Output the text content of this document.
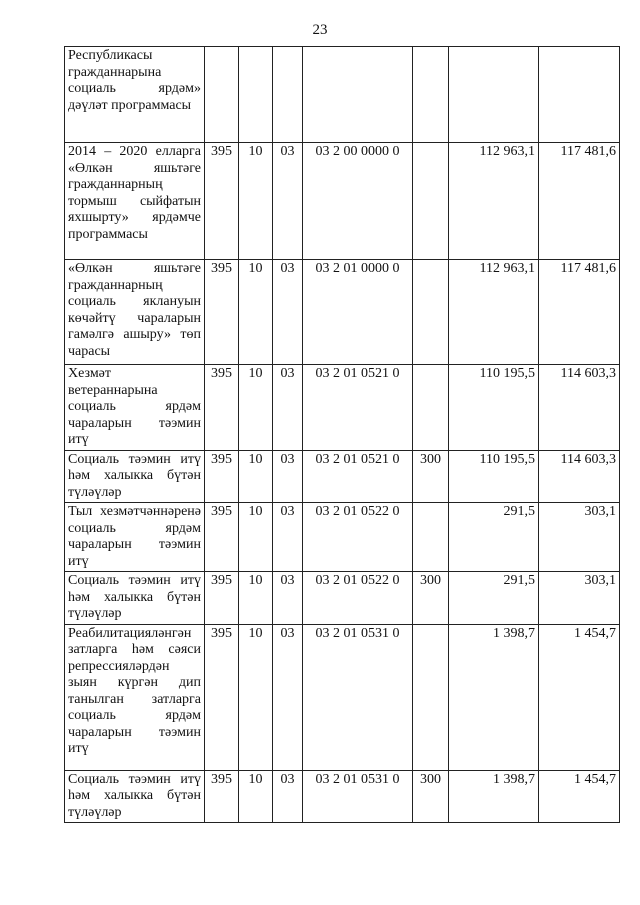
23
Республикасы гражданнарына социаль ярдәм» дәүләт программасы							
2014 – 2020 елларга «Өлкән яшьтәге гражданнарның тормыш сыйфатын яхшырту» ярдәмче программасы	395	10	03	03 2 00 0000 0		112 963,1	117 481,6
«Өлкән яшьтәге гражданнарның социаль яклануын көчәйтү чараларын гамәлгә ашыру» төп чарасы	395	10	03	03 2 01 0000 0		112 963,1	117 481,6
Хезмәт ветераннарына социаль ярдәм чараларын тәэмин итү	395	10	03	03 2 01 0521 0		110 195,5	114 603,3
Социаль тәэмин итү һәм халыкка бүтән түләүләр	395	10	03	03 2 01 0521 0	300	110 195,5	114 603,3
Тыл хезмәтчәннәренә социаль ярдәм чараларын тәэмин итү	395	10	03	03 2 01 0522 0		291,5	303,1
Социаль тәэмин итү һәм халыкка бүтән түләүләр	395	10	03	03 2 01 0522 0	300	291,5	303,1
Реабилитацияләнгән затларга һәм сәяси репрессияләрдән зыян күргән дип танылган затларга социаль ярдәм чараларын тәэмин итү	395	10	03	03 2 01 0531 0		1 398,7	1 454,7
Социаль тәэмин итү һәм халыкка бүтән түләүләр	395	10	03	03 2 01 0531 0	300	1 398,7	1 454,7
